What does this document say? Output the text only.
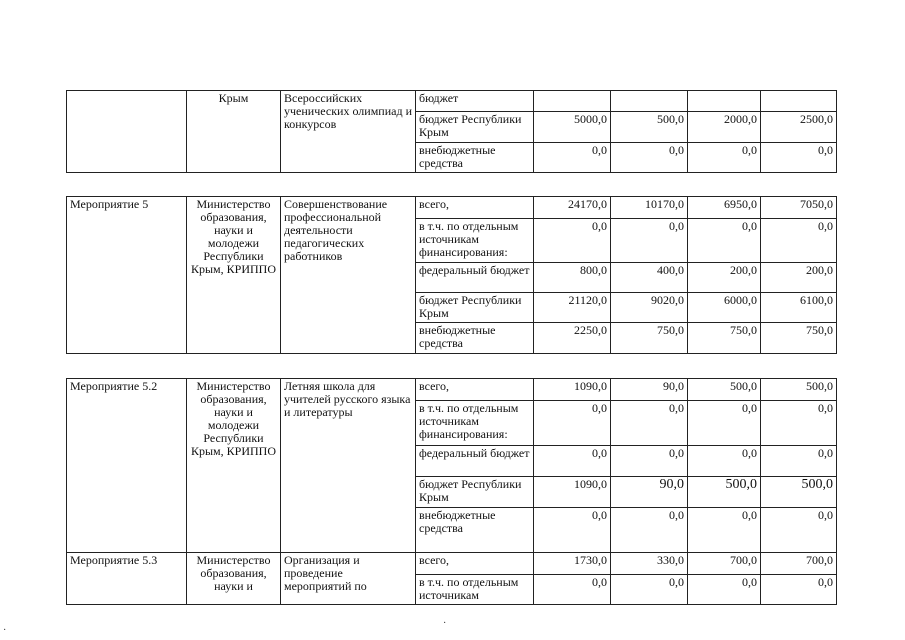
	Крым	Всероссийских ученических олимпиад и конкурсов	бюджет				
			бюджет Республики Крым	5000,0	500,0	2000,0	2500,0
			внебюджетные средства	0,0	0,0	0,0	0,0
Мероприятие 5	Министерство образования, науки и молодежи Республики Крым, КРИППО	Совершенствование профессиональной деятельности педагогических работников	всего,	24170,0	10170,0	6950,0	7050,0
			в т.ч. по отдельным источникам финансирования:	0,0	0,0	0,0	0,0
			федеральный бюджет	800,0	400,0	200,0	200,0
			бюджет Республики Крым	21120,0	9020,0	6000,0	6100,0
			внебюджетные средства	2250,0	750,0	750,0	750,0
Мероприятие 5.2	Министерство образования, науки и молодежи Республики Крым, КРИППО	Летняя школа для учителей русского языка и литературы	всего,	1090,0	90,0	500,0	500,0
			в т.ч. по отдельным источникам финансирования:	0,0	0,0	0,0	0,0
			федеральный бюджет	0,0	0,0	0,0	0,0
			бюджет Республики Крым	1090,0	90,0	500,0	500,0
			внебюджетные средства	0,0	0,0	0,0	0,0
Мероприятие 5.3	Министерство образования, науки и	Организация и проведение мероприятий по	всего,	1730,0	330,0	700,0	700,0
			в т.ч. по отдельным источникам	0,0	0,0	0,0	0,0
·
·
